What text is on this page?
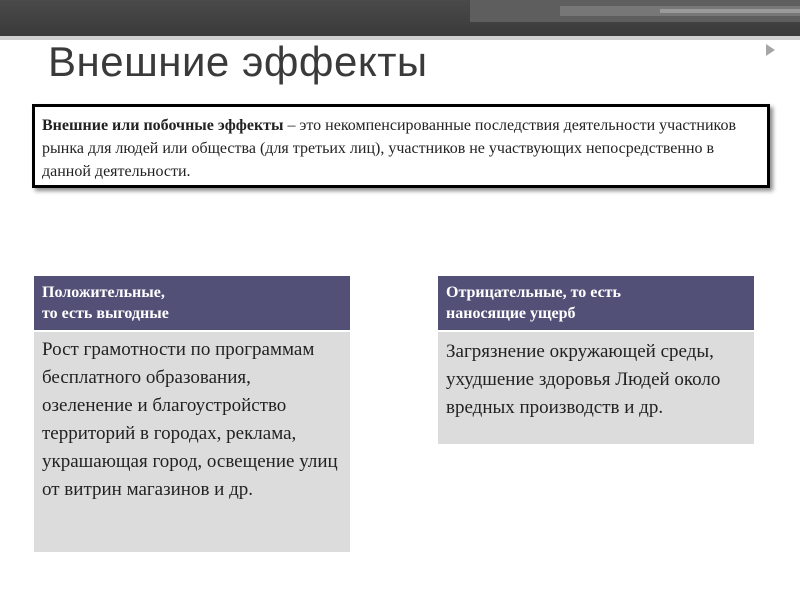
Внешние эффекты
Внешние или побочные эффекты – это некомпенсированные последствия деятельности участников рынка для людей или общества (для третьих лиц), участников не участвующих непосредственно в данной деятельности.
Положительные,
то есть выгодные
Рост грамотности по программам бесплатного образования, озеленение и благоустройство территорий в городах, реклама, украшающая город, освещение улиц от витрин магазинов и др.
Отрицательные, то есть
наносящие ущерб
Загрязнение окружающей среды, ухудшение здоровья Людей около вредных производств и др.
